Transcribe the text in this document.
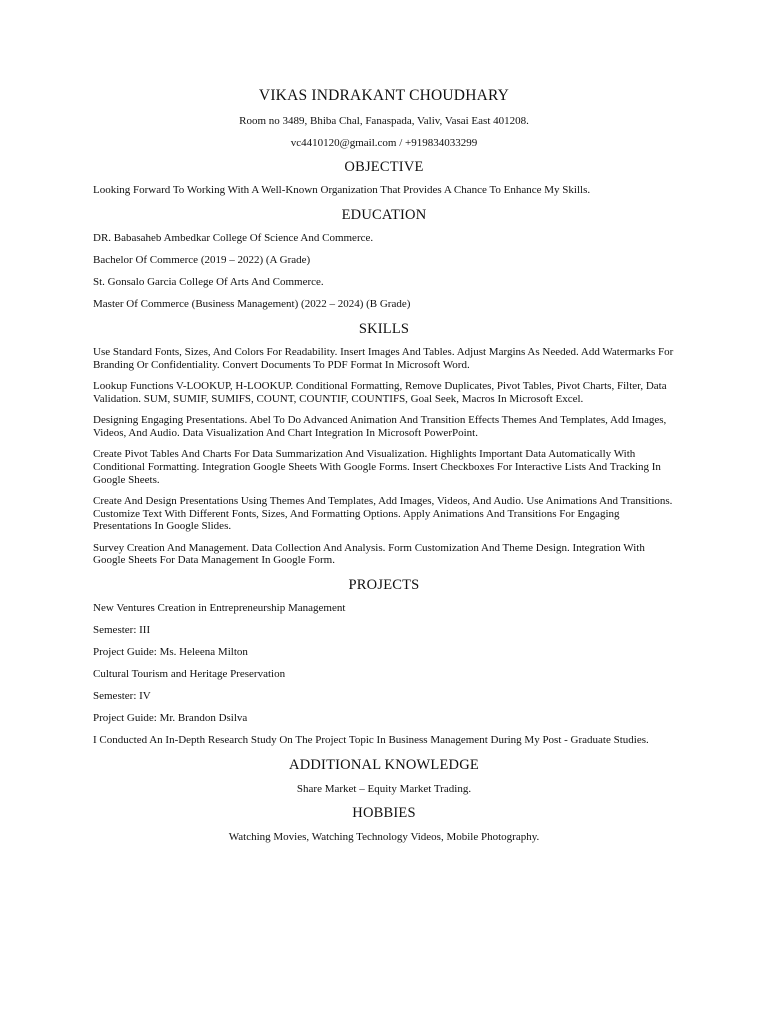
VIKAS INDRAKANT CHOUDHARY
Room no 3489, Bhiba Chal, Fanaspada, Valiv, Vasai East 401208.
vc4410120@gmail.com / +919834033299
OBJECTIVE
Looking Forward To Working With A Well-Known Organization That Provides A Chance To Enhance My Skills.
EDUCATION
DR. Babasaheb Ambedkar College Of Science And Commerce.
Bachelor Of Commerce (2019 – 2022) (A Grade)
St. Gonsalo Garcia College Of Arts And Commerce.
Master Of Commerce (Business Management) (2022 – 2024) (B Grade)
SKILLS
Use Standard Fonts, Sizes, And Colors For Readability. Insert Images And Tables. Adjust Margins As Needed. Add Watermarks For Branding Or Confidentiality. Convert Documents To PDF Format In Microsoft Word.
Lookup Functions V-LOOKUP, H-LOOKUP. Conditional Formatting, Remove Duplicates, Pivot Tables, Pivot Charts, Filter, Data Validation. SUM, SUMIF, SUMIFS, COUNT, COUNTIF, COUNTIFS, Goal Seek, Macros In Microsoft Excel.
Designing Engaging Presentations. Abel To Do Advanced Animation And Transition Effects Themes And Templates, Add Images, Videos, And Audio. Data Visualization And Chart Integration In Microsoft PowerPoint.
Create Pivot Tables And Charts For Data Summarization And Visualization. Highlights Important Data Automatically With Conditional Formatting. Integration Google Sheets With Google Forms. Insert Checkboxes For Interactive Lists And Tracking In Google Sheets.
Create And Design Presentations Using Themes And Templates, Add Images, Videos, And Audio. Use Animations And Transitions. Customize Text With Different Fonts, Sizes, And Formatting Options. Apply Animations And Transitions For Engaging Presentations In Google Slides.
Survey Creation And Management. Data Collection And Analysis. Form Customization And Theme Design. Integration With Google Sheets For Data Management In Google Form.
PROJECTS
New Ventures Creation in Entrepreneurship Management
Semester: III
Project Guide: Ms. Heleena Milton
Cultural Tourism and Heritage Preservation
Semester: IV
Project Guide: Mr. Brandon Dsilva
I Conducted An In-Depth Research Study On The Project Topic In Business Management During My Post - Graduate Studies.
ADDITIONAL KNOWLEDGE
Share Market – Equity Market Trading.
HOBBIES
Watching Movies, Watching Technology Videos, Mobile Photography.
